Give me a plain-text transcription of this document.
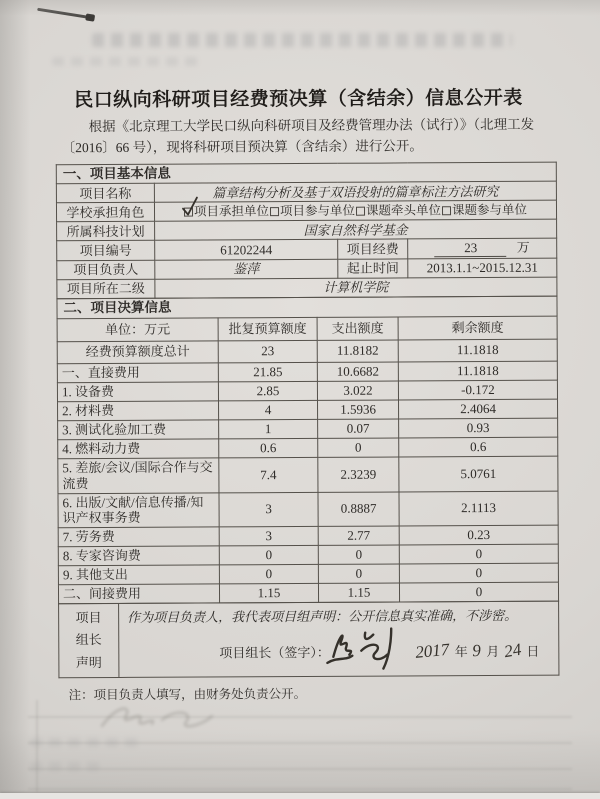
民口纵向科研项目经费预决算（含结余）信息公开表
根据《北京理工大学民口纵向科研项目及经费管理办法（试行）》（北理工发
〔2016〕66 号），现将科研项目预决算（含结余）进行公开。
一、项目基本信息			
项目名称	篇章结构分析及基于双语投射的篇章标注方法研究		
学校承担角色	项目承担单位 项目参与单位 课题牵头单位 课题参与单位		

所属科技计划	国家自然科学基金		
项目编号	61202244	项目经费	23 万
项目负责人	鉴萍	起止时间	2013.1.1~2015.12.31
项目所在二级	计算机学院		
二、项目决算信息			
单位：万元	批复预算额度	支出额度	剩余额度
经费预算额度总计	23	11.8182	11.1818
一、直接费用	21.85	10.6682	11.1818
1. 设备费	2.85	3.022	-0.172
2. 材料费	4	1.5936	2.4064
3. 测试化验加工费	1	0.07	0.93
4. 燃料动力费	0.6	0	0.6
5. 差旅/会议/国际合作与交流费	7.4	2.3239	5.0761
6. 出版/文献/信息传播/知识产权事务费	3	0.8887	2.1113
7. 劳务费	3	2.77	0.23
8. 专家咨询费	0	0	0
9. 其他支出	0	0	0
二、间接费用	1.15	1.15	0
项目
组长
声明

作为项目负责人，我代表项目组声明：公开信息真实准确，不涉密。
项目组长（签字）：	2017 年 9 月 24 日

注：项目负责人填写，由财务处负责公开。
